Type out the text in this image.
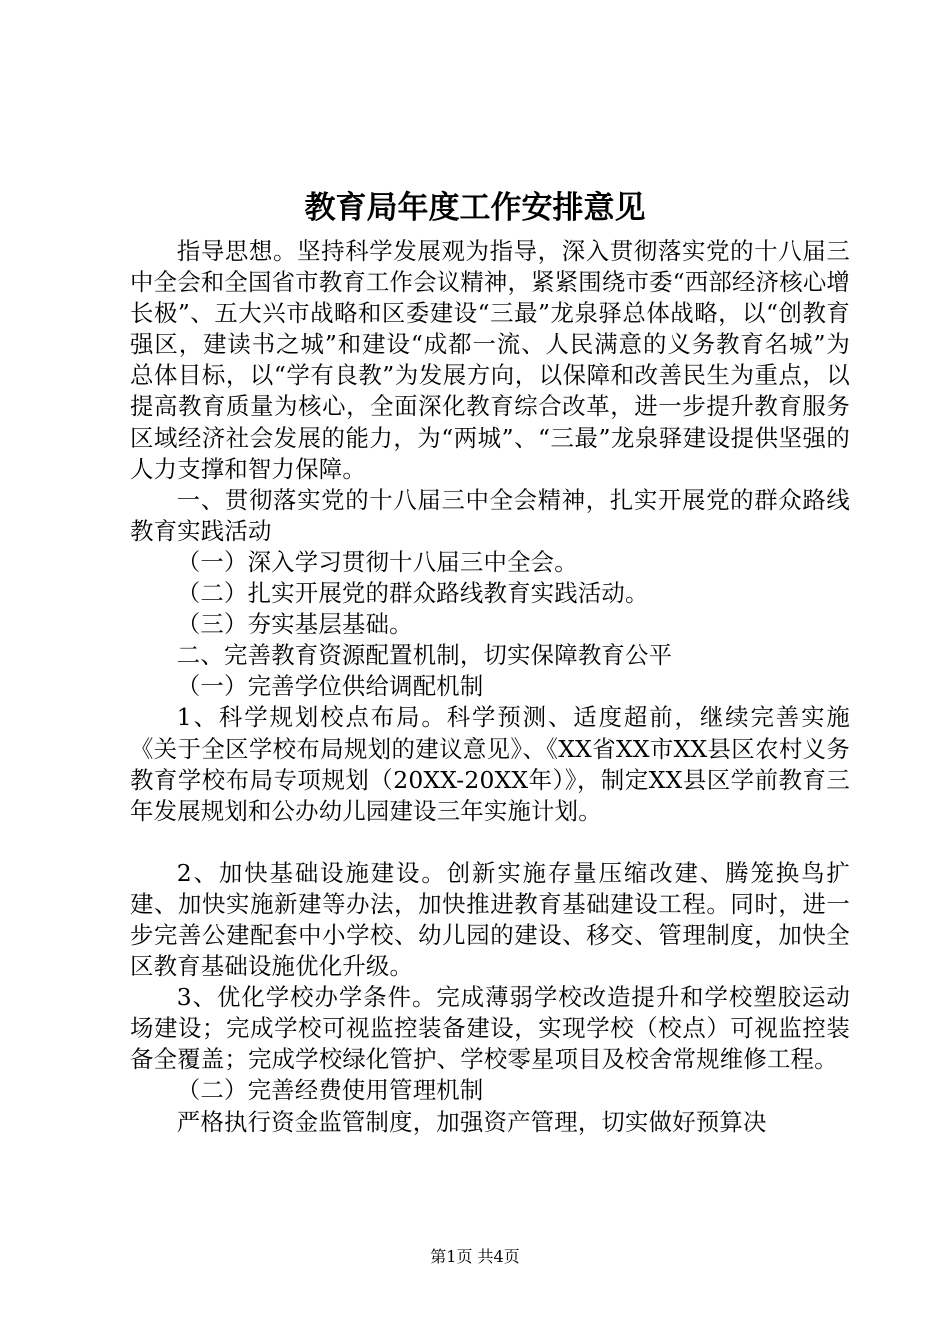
教育局年度工作安排意见

指导思想。坚持科学发展观为指导，深入贯彻落实党的十八届三中全会和全国省市教育工作会议精神，紧紧围绕市委“西部经济核心增长极”、五大兴市战略和区委建设“三最”龙泉驿总体战略，以“创教育强区，建读书之城”和建设“成都一流、人民满意的义务教育名城”为总体目标，以“学有良教”为发展方向，以保障和改善民生为重点，以提高教育质量为核心，全面深化教育综合改革，进一步提升教育服务区域经济社会发展的能力，为“两城”、“三最”龙泉驿建设提供坚强的人力支撑和智力保障。

一、贯彻落实党的十八届三中全会精神，扎实开展党的群众路线教育实践活动

（一）深入学习贯彻十八届三中全会。

（二）扎实开展党的群众路线教育实践活动。

（三）夯实基层基础。

二、完善教育资源配置机制，切实保障教育公平

（一）完善学位供给调配机制

1、科学规划校点布局。科学预测、适度超前，继续完善实施《关于全区学校布局规划的建议意见》、《XX省XX市XX县区农村义务教育学校布局专项规划（20XX-20XX年）》，制定XX县区学前教育三年发展规划和公办幼儿园建设三年实施计划。

2、加快基础设施建设。创新实施存量压缩改建、腾笼换鸟扩建、加快实施新建等办法，加快推进教育基础建设工程。同时，进一步完善公建配套中小学校、幼儿园的建设、移交、管理制度，加快全区教育基础设施优化升级。

3、优化学校办学条件。完成薄弱学校改造提升和学校塑胶运动场建设；完成学校可视监控装备建设，实现学校（校点）可视监控装备全覆盖；完成学校绿化管护、学校零星项目及校舍常规维修工程。

（二）完善经费使用管理机制

严格执行资金监管制度，加强资产管理，切实做好预算决

第1页 共4页
